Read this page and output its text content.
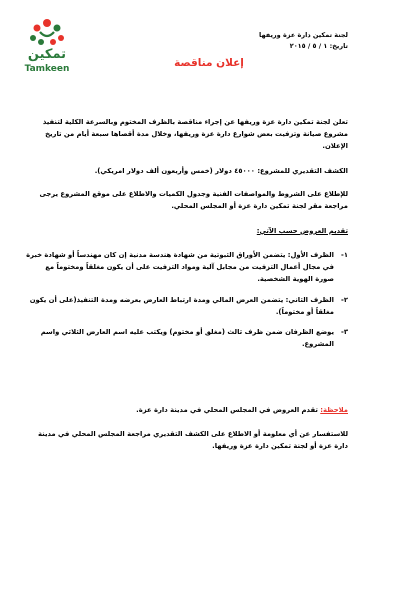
تمكين
Tamkeen
لجنة تمكين دارة عزة وريفها
تاريخ: ١ / ٥ / ٢٠١٥
إعلان مناقصة

تعلن لجنة تمكين دارة عزة وريفها عن إجراء مناقصة بالظرف المختوم وبالسرعة الكلية لتنفيذ مشروع صيانة وتزفيت بعض شوارع دارة عزة وريفها، وخلال مدة أقصاها سبعة أيام من تاريخ الإعلان.

الكشف التقديري للمشروع: ٤٥٠٠٠ دولار (خمس وأربعون ألف دولار امريكي).

للإطلاع على الشروط والمواصفات الفنية وجدول الكميات والاطلاع على موقع المشروع يرجى مراجعة مقر لجنة تمكين دارة عزة أو المجلس المحلي.

تقديم العروض حسب الآتي:

١-
الظرف الأول: يتضمن الأوراق الثبوتية من شهادة هندسة مدنية إن كان مهندساً أو شهادة خبرة في مجال أعمال التزفيت من مجابل آلية ومواد التزفيت على أن يكون مغلقاً ومختوماً مع صورة الهوية الشخصية.
٢-
الظرف الثاني: يتضمن العرض المالي ومدة ارتباط العارض بعرضه ومدة التنفيذ(على أن يكون مغلقاً أو مختوماً).
٣-
يوضع الظرفان ضمن ظرف ثالث (مغلق أو مختوم) ويكتب عليه اسم العارض الثلاثي واسم المشروع.

ملاحظة: تقدم العروض في المجلس المحلي في مدينة دارة عزة.

للاستفسار عن أي معلومة أو الاطلاع على الكشف التقديري مراجعة المجلس المحلي في مدينة دارة عزة أو لجنة تمكين دارة عزة وريفها.
